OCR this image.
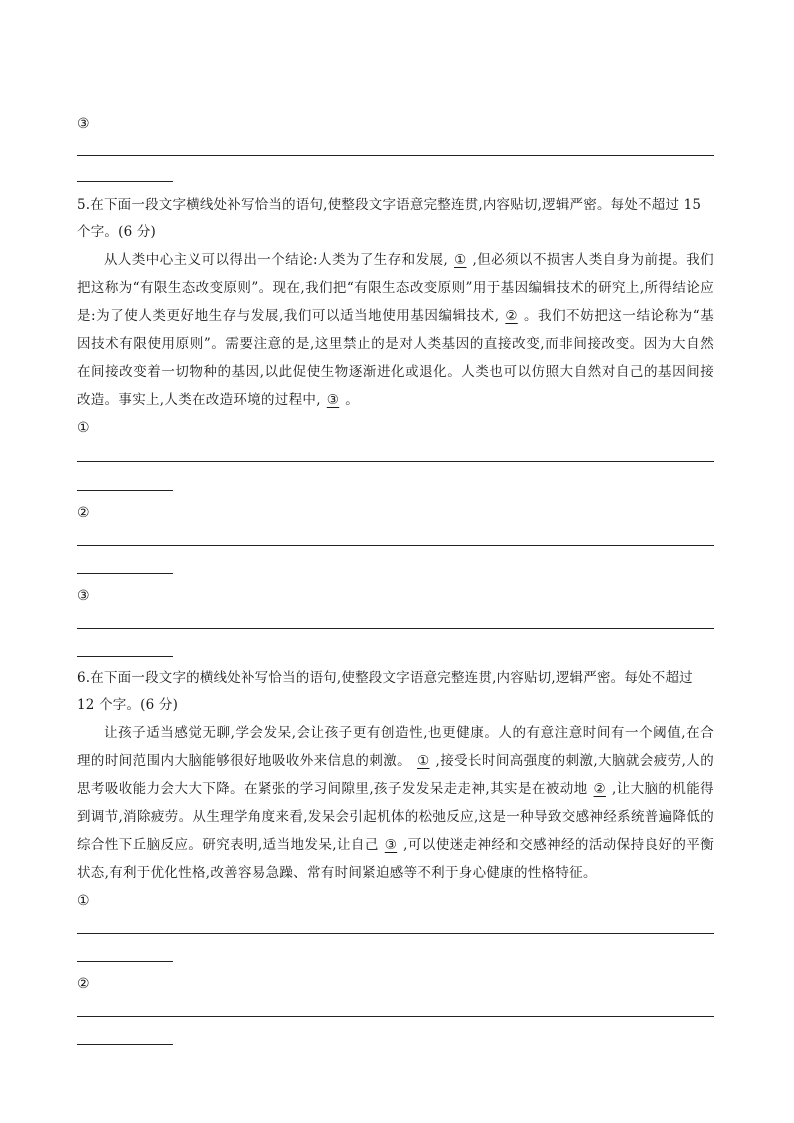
③
5.在下面一段文字横线处补写恰当的语句,使整段文字语意完整连贯,内容贴切,逻辑严密。每处不超过 15
个字。(6 分)
从人类中心主义可以得出一个结论:人类为了生存和发展, ① ,但必须以不损害人类自身为前提。我们把这称为“有限生态改变原则”。现在,我们把“有限生态改变原则”用于基因编辑技术的研究上,所得结论应是:为了使人类更好地生存与发展,我们可以适当地使用基因编辑技术, ② 。我们不妨把这一结论称为“基因技术有限使用原则”。需要注意的是,这里禁止的是对人类基因的直接改变,而非间接改变。因为大自然在间接改变着一切物种的基因,以此促使生物逐渐进化或退化。人类也可以仿照大自然对自己的基因间接改造。事实上,人类在改造环境的过程中, ③ 。
①
②
③
6.在下面一段文字的横线处补写恰当的语句,使整段文字语意完整连贯,内容贴切,逻辑严密。每处不超过
12 个字。(6 分)
让孩子适当感觉无聊,学会发呆,会让孩子更有创造性,也更健康。人的有意注意时间有一个阈值,在合理的时间范围内大脑能够很好地吸收外来信息的刺激。 ① ,接受长时间高强度的刺激,大脑就会疲劳,人的思考吸收能力会大大下降。在紧张的学习间隙里,孩子发发呆走走神,其实是在被动地 ② ,让大脑的机能得到调节,消除疲劳。从生理学角度来看,发呆会引起机体的松弛反应,这是一种导致交感神经系统普遍降低的综合性下丘脑反应。研究表明,适当地发呆,让自己 ③ ,可以使迷走神经和交感神经的活动保持良好的平衡状态,有利于优化性格,改善容易急躁、常有时间紧迫感等不利于身心健康的性格特征。
①
②
